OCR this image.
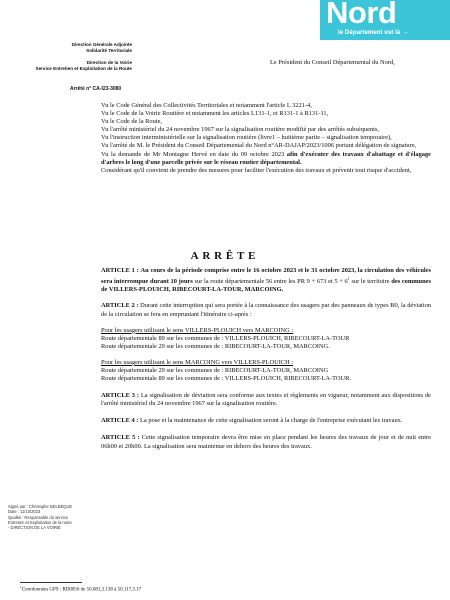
Nord
le Département est là →
Direction Générale Adjointe
Solidarité Territoriale
Direction de la Voirie
Service Entretien et Exploitation de la Route
Le Président du Conseil Départemental du Nord,
Arrêté n° CA-I23-3080

Vu le Code Général des Collectivités Territoriales et notamment l'article L 3221-4,

Vu le Code de la Voirie Routière et notamment les articles L131-1, et R131-1 à R131-11,

Vu le Code de la Route,

Vu l'arrêté ministériel du 24 novembre 1967 sur la signalisation routière modifié par des arrêtés subséquents,

Vu l'instruction interministérielle sur la signalisation routière (livre1 – huitième partie – signalisation temporaire),

Vu l'arrêté de M. le Président du Conseil Départemental du Nord n°AR-DAJAP/2023/1006 portant délégation de signature,

Vu la demande de Mr Montagne Hervé en date du 09 octobre 2023 afin d'exécuter des travaux d'abattage et d'élagage d'arbres le long d'une parcelle privée sur le réseau routier départemental.

Considérant qu'il convient de prendre des mesures pour faciliter l'exécution des travaux et prévenir tout risque d'accident,

ARRÊTE

ARTICLE 1 : Au cours de la période comprise entre le 16 octobre 2023 et le 31 octobre 2023, la circulation des véhicules sera interrompue durant 10 jours sur la route départementale 56 entre les PR 9 + 673 et $5 + 6^1$ sur le territoire des communes de VILLERS-PLOUICH, RIBECOURT-LA-TOUR, MARCOING.

ARTICLE 2 : Durant cette interruption qui sera portée à la connaissance des usagers par des panneaux de types B0, la déviation de la circulation se fera en empruntant l'itinéraire ci-après :

Pour les usagers utilisant le sens VILLERS-PLOUICH vers MARCOING :
Route départementale 89 sur les communes de : VILLERS-PLOUICH, RIBECOURT-LA-TOUR
Route départementale 29 sur les communes de : RIBECOURT-LA-TOUR, MARCOING.
Pour les usagers utilisant le sens MARCOING vers VILLERS-PLOUICH :
Route départementale 29 sur les communes de : RIBECOURT-LA-TOUR, MARCOING
Route départementale 89 sur les communes de : VILLERS-PLOUICH, RIBECOURT-LA-TOUR.

ARTICLE 3 : La signalisation de déviation sera conforme aux textes et règlements en vigueur, notamment aux dispositions de l'arrêté ministériel du 24 novembre 1967 sur la signalisation routière.

ARTICLE 4 : La pose et la maintenance de cette signalisation seront à la charge de l'entreprise exécutant les travaux.

ARTICLE 5 : Cette signalisation temporaire devra être mise en place pendant les heures des travaux de jour et de nuit entre 06h00 et 20h00. La signalisation sera maintenue en dehors des heures des travaux.

Signé par : Christophe DELBEQUE
Date : 11/10/2023
Qualité : Responsable du service
Entretien et Exploitation de la route
- DIRECTION DE LA VOIRIE
$^1$Coordonnées GPS : RD0056 de 50.081,3.138 à 50.117,3.17
